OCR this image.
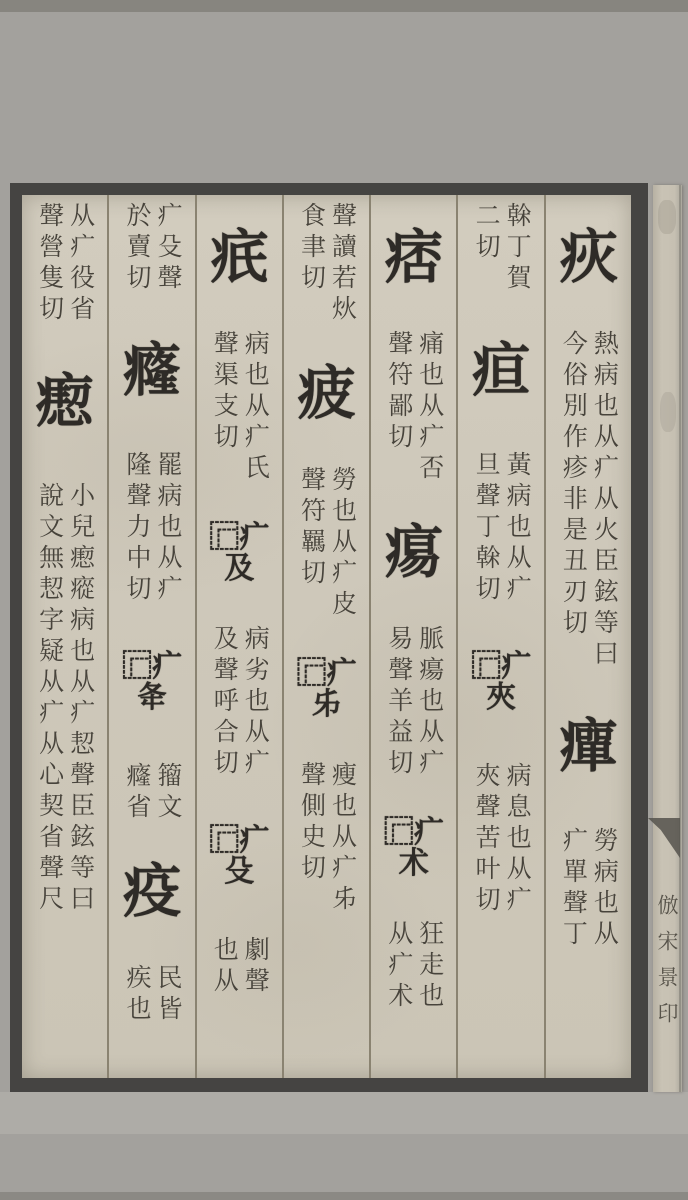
疢
熱病也从疒从火臣鉉等曰
今俗別作疹非是丑刃切
癉
勞病也从
疒單聲丁
榦丁賀
二切
疸
黃病也从疒
旦聲丁榦切
⿸疒夾
病息也从疒
夾聲苦叶切
痞
痛也从疒否
聲符鄙切
痬
脈瘍也从疒
易聲羊益切
⿸疒术
狂走也
从疒术
聲讀若炏
食聿切
疲
勞也从疒皮
聲符羈切
⿸疒𠂔
瘦也从疒𠂔
聲側史切
疧
病也从疒氏
聲渠支切
⿸疒及
病劣也从疒
及聲呼合切
⿸疒殳
劇聲
也从
疒殳聲
於賣切
癃
罷病也从疒
隆聲力中切
⿸疒夅
籀文
癃省
疫
民皆
疾也
从疒役省
聲營隻切
瘛
小兒瘛瘲病也从疒恝聲臣鉉等曰
說文無恝字疑从疒从心契省聲尺
倣宋景印
